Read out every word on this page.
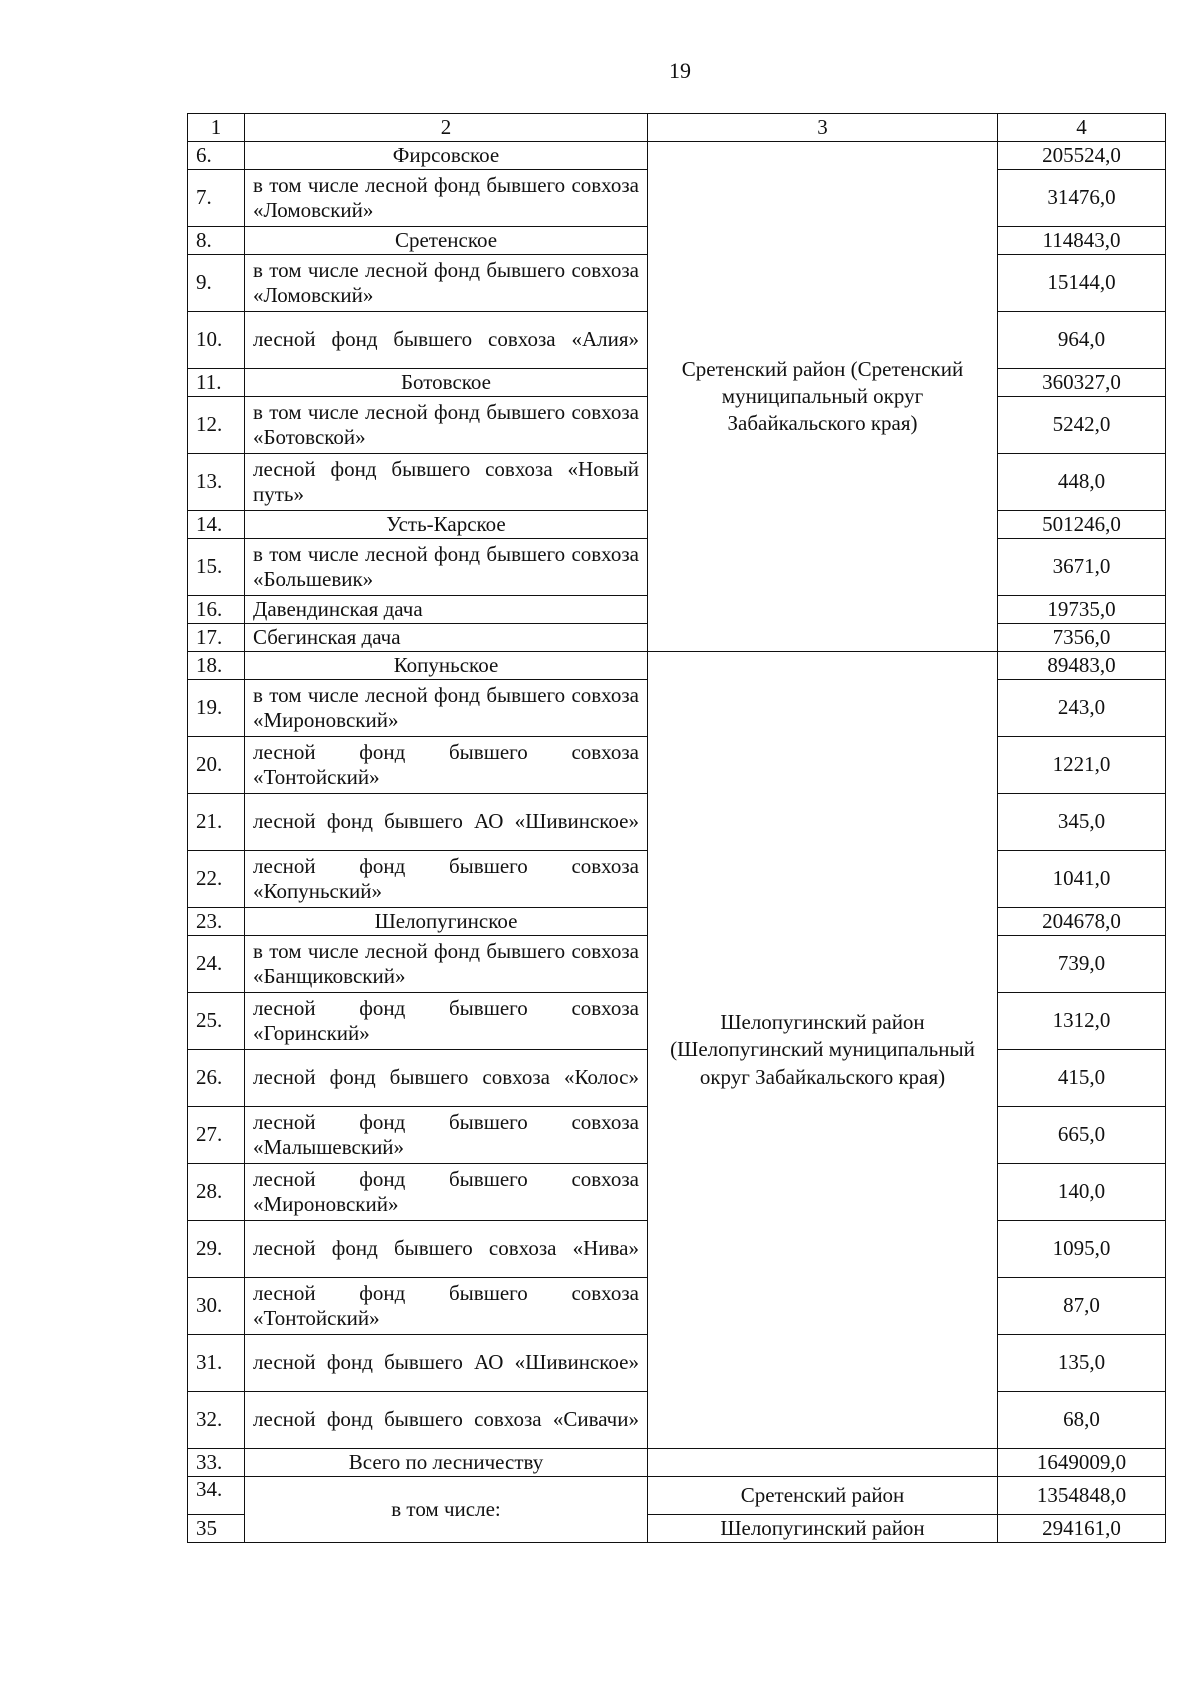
19
1	2	3	4
6.	Фирсовское	Сретенский район (Сретенский муниципальный округ Забайкальского края)	205524,0
7.	в том числе лесной фонд бывшего совхоза «Ломовский»		31476,0
8.	Сретенское		114843,0
9.	в том числе лесной фонд бывшего совхоза «Ломовский»		15144,0
10.	лесной фонд бывшего совхоза «Алия»		964,0
11.	Ботовское		360327,0
12.	в том числе лесной фонд бывшего совхоза «Ботовской»		5242,0
13.	лесной фонд бывшего совхоза «Новый путь»		448,0
14.	Усть-Карское		501246,0
15.	в том числе лесной фонд бывшего совхоза «Большевик»		3671,0
16.	Давендинская дача		19735,0
17.	Сбегинская дача		7356,0
18.	Копуньское	Шелопугинский район (Шелопугинский муниципальный округ Забайкальского края)	89483,0
19.	в том числе лесной фонд бывшего совхоза «Мироновский»		243,0
20.	лесной фонд бывшего совхоза «Тонтойский»		1221,0
21.	лесной фонд бывшего АО «Шивинское»		345,0
22.	лесной фонд бывшего совхоза «Копуньский»		1041,0
23.	Шелопугинское		204678,0
24.	в том числе лесной фонд бывшего совхоза «Банщиковский»		739,0
25.	лесной фонд бывшего совхоза «Горинский»		1312,0
26.	лесной фонд бывшего совхоза «Колос»		415,0
27.	лесной фонд бывшего совхоза «Малышевский»		665,0
28.	лесной фонд бывшего совхоза «Мироновский»		140,0
29.	лесной фонд бывшего совхоза «Нива»		1095,0
30.	лесной фонд бывшего совхоза «Тонтойский»		87,0
31.	лесной фонд бывшего АО «Шивинское»		135,0
32.	лесной фонд бывшего совхоза «Сивачи»		68,0
33.	Всего по лесничеству		1649009,0
34.	в том числе:	Сретенский район	1354848,0
35		Шелопугинский район	294161,0
